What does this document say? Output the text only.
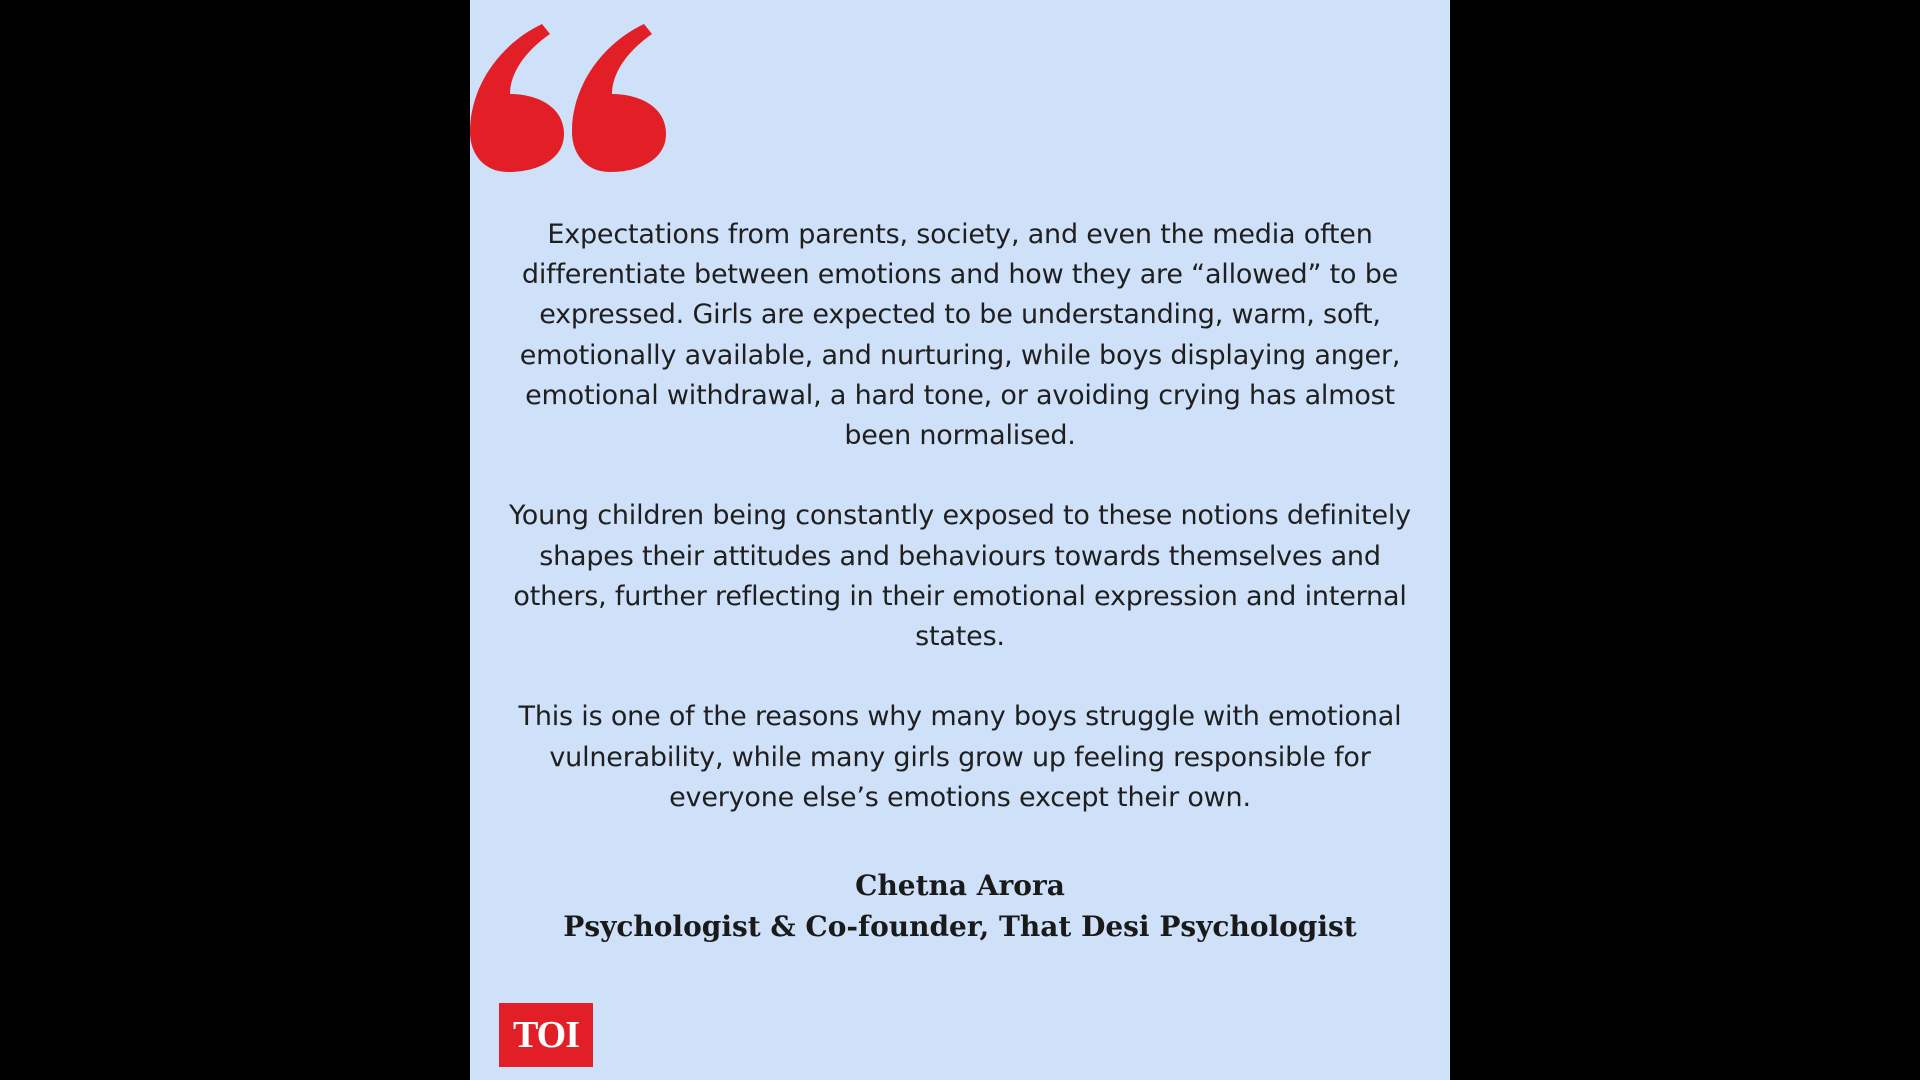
Expectations from parents, society, and even the media often differentiate between emotions and how they are “allowed” to be expressed. Girls are expected to be understanding, warm, soft, emotionally available, and nurturing, while boys displaying anger, emotional withdrawal, a hard tone, or avoiding crying has almost been normalised.

Young children being constantly exposed to these notions definitely shapes their attitudes and behaviours towards themselves and others, further reflecting in their emotional expression and internal states.

This is one of the reasons why many boys struggle with emotional vulnerability, while many girls grow up feeling responsible for everyone else’s emotions except their own.

Chetna Arora
Psychologist & Co-founder, That Desi Psychologist
TOI
